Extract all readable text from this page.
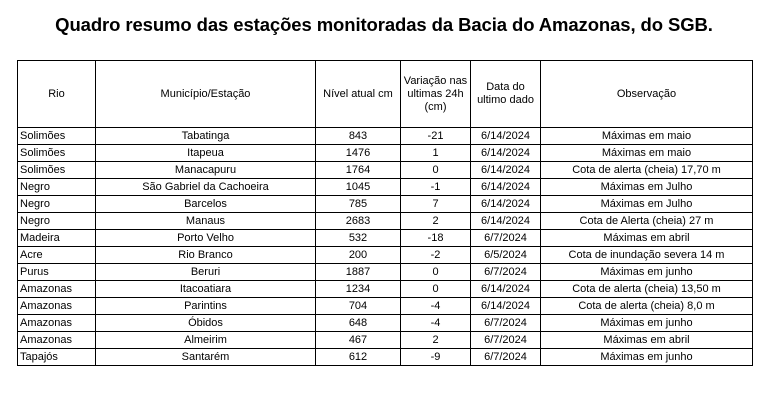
Quadro resumo das estações monitoradas da Bacia do Amazonas, do SGB.
Rio	Município/Estação	Nível atual cm	Variação nas ultimas 24h (cm)	Data do ultimo dado	Observação
Solimões	Tabatinga	843	-21	6/14/2024	Máximas em maio
Solimões	Itapeua	1476	1	6/14/2024	Máximas em maio
Solimões	Manacapuru	1764	0	6/14/2024	Cota de alerta (cheia) 17,70 m
Negro	São Gabriel da Cachoeira	1045	-1	6/14/2024	Máximas em Julho
Negro	Barcelos	785	7	6/14/2024	Máximas em Julho
Negro	Manaus	2683	2	6/14/2024	Cota de Alerta (cheia) 27 m
Madeira	Porto Velho	532	-18	6/7/2024	Máximas em abril
Acre	Rio Branco	200	-2	6/5/2024	Cota de inundação severa 14 m
Purus	Beruri	1887	0	6/7/2024	Máximas em junho
Amazonas	Itacoatiara	1234	0	6/14/2024	Cota de alerta (cheia) 13,50 m
Amazonas	Parintins	704	-4	6/14/2024	Cota de alerta (cheia) 8,0 m
Amazonas	Óbidos	648	-4	6/7/2024	Máximas em junho
Amazonas	Almeirim	467	2	6/7/2024	Máximas em abril
Tapajós	Santarém	612	-9	6/7/2024	Máximas em junho
